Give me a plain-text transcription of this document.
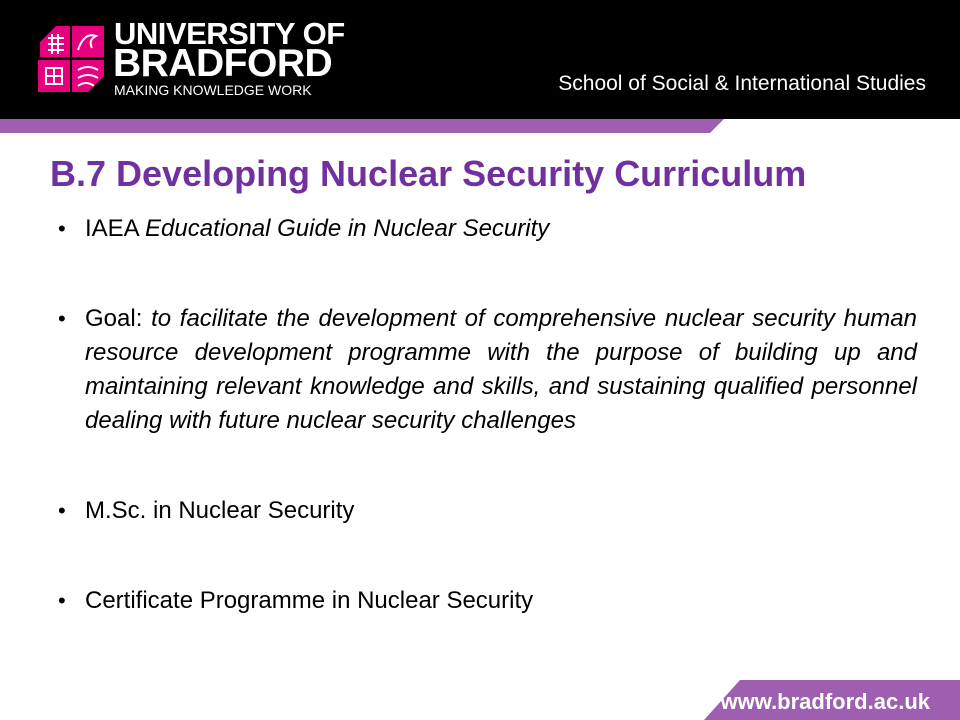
UNIVERSITY OF
BRADFORD
MAKING KNOWLEDGE WORK	School of Social & International Studies
B.7 Developing Nuclear Security Curriculum
• IAEA Educational Guide in Nuclear Security
• Goal: to facilitate the development of comprehensive nuclear security human resource development programme with the purpose of building up and maintaining relevant knowledge and skills, and sustaining qualified personnel dealing with future nuclear security challenges
• M.Sc. in Nuclear Security
• Certificate Programme in Nuclear Security
www.bradford.ac.uk
